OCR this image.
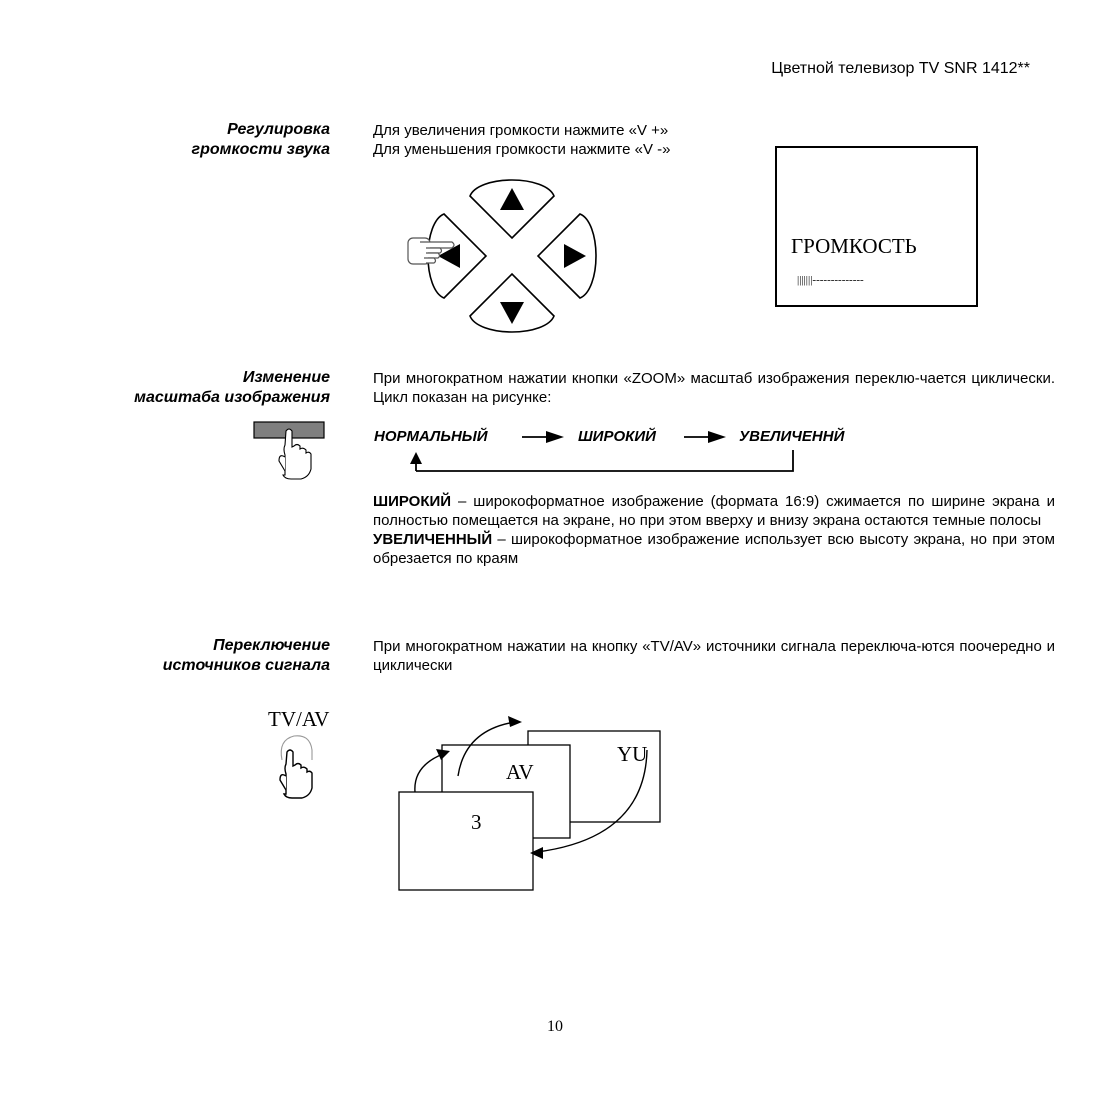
Цветной телевизор TV SNR 1412**
Регулировка
громкости звука
Для увеличения громкости нажмите «V +»
Для уменьшения громкости нажмите «V -»
ГРОМКОСТЬ
|||||||--------------
Изменение
масштаба изображения
При многократном нажатии кнопки «ZOOM» масштаб изображения переклю-чается циклически. Цикл показан на рисунке:
НОРМАЛЬНЫЙ	ШИРОКИЙ	УВЕЛИЧЕННЙ
ШИРОКИЙ – широкоформатное изображение (формата 16:9) сжимается по ширине экрана и полностью помещается на экране, но при этом вверху и внизу экрана остаются темные полосы
УВЕЛИЧЕННЫЙ – широкоформатное изображение использует всю высоту экрана, но при этом обрезается по краям
Переключение
источников сигнала
При многократном нажатии на кнопку «TV/AV» источники сигнала переключа-ются поочередно и циклически
TV/AV
3
AV
YU
10
